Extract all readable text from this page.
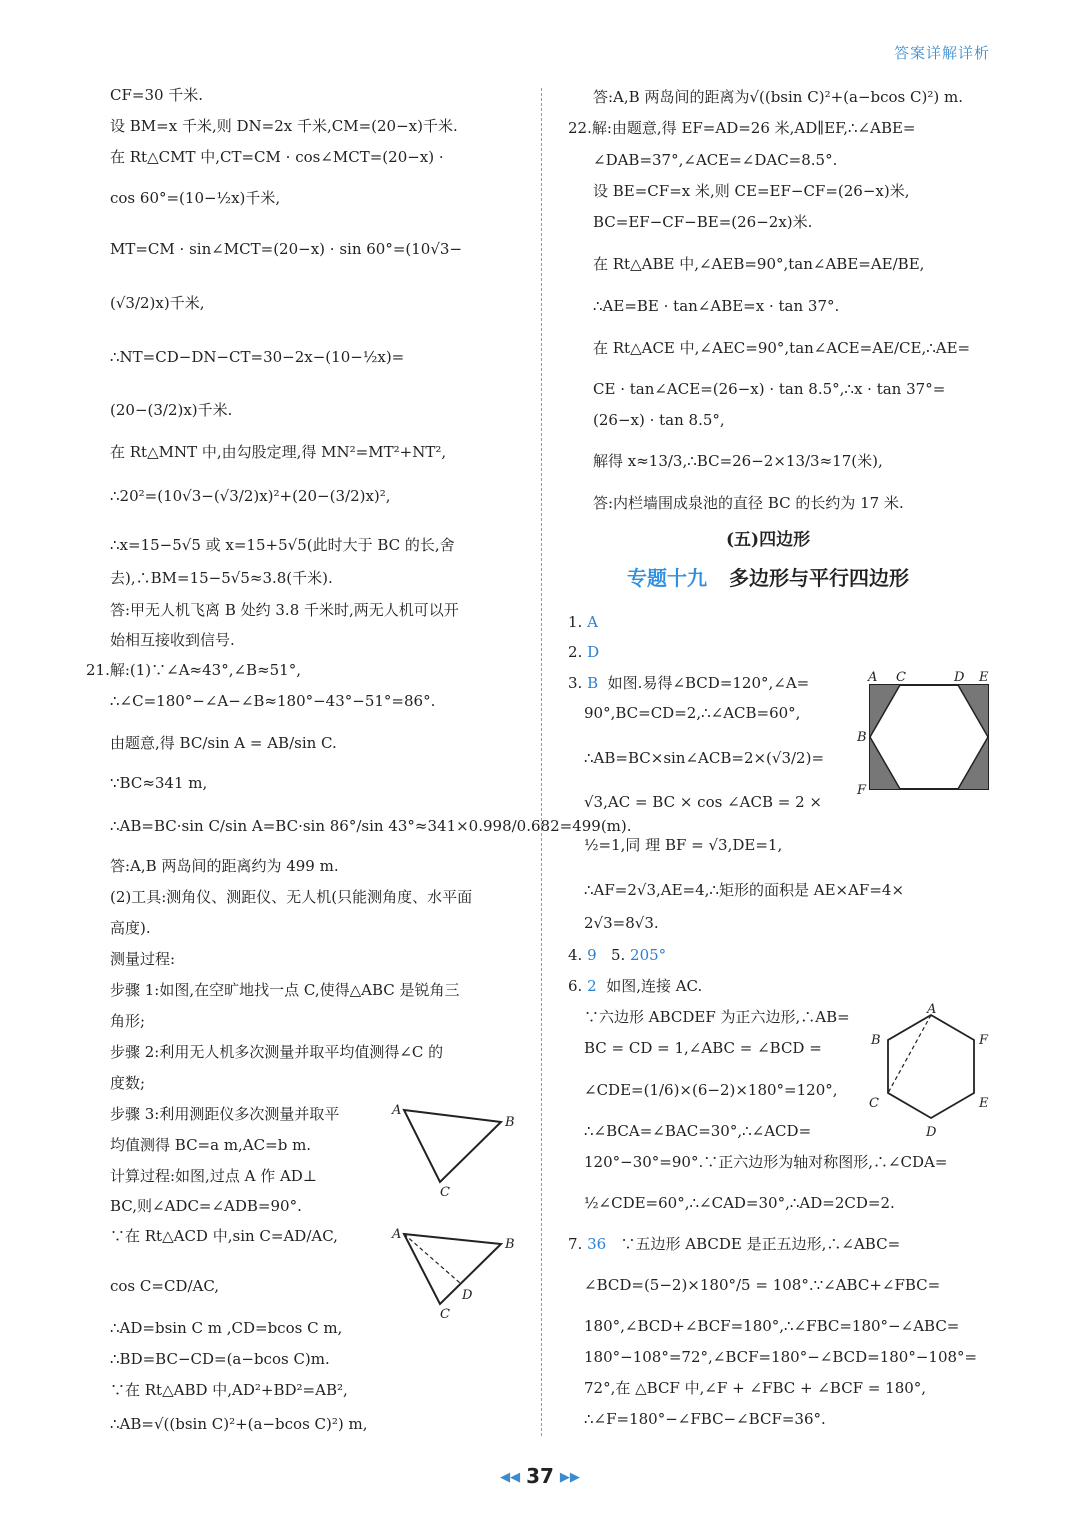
答案详解详析
CF=30 千米.
设 BM=x 千米,则 DN=2x 千米,CM=(20−x)千米.
在 Rt△CMT 中,CT=CM · cos∠MCT=(20−x) ·
cos 60°=(10−½x)千米,
MT=CM · sin∠MCT=(20−x) · sin 60°=(10√3−
(√3/2)x)千米,
∴NT=CD−DN−CT=30−2x−(10−½x)=
(20−(3/2)x)千米.
在 Rt△MNT 中,由勾股定理,得 MN²=MT²+NT²,
∴20²=(10√3−(√3/2)x)²+(20−(3/2)x)²,
∴x=15−5√5 或 x=15+5√5(此时大于 BC 的长,舍
去),∴BM=15−5√5≈3.8(千米).
答:甲无人机飞离 B 处约 3.8 千米时,两无人机可以开
始相互接收到信号.
21.解:(1)∵∠A≈43°,∠B≈51°,
∴∠C=180°−∠A−∠B≈180°−43°−51°=86°.
由题意,得 BC/sin A = AB/sin C.
∵BC≈341 m,
∴AB=BC·sin C/sin A=BC·sin 86°/sin 43°≈341×0.998/0.682=499(m).
答:A,B 两岛间的距离约为 499 m.
(2)工具:测角仪、测距仪、无人机(只能测角度、水平面
高度).
测量过程:
步骤 1:如图,在空旷地找一点 C,使得△ABC 是锐角三
角形;
步骤 2:利用无人机多次测量并取平均值测得∠C 的
度数;
步骤 3:利用测距仪多次测量并取平
均值测得 BC=a m,AC=b m.
计算过程:如图,过点 A 作 AD⊥
BC,则∠ADC=∠ADB=90°.
∵在 Rt△ACD 中,sin C=AD/AC,
cos C=CD/AC,
∴AD=bsin C m ,CD=bcos C m,
∴BD=BC−CD=(a−bcos C)m.
∵在 Rt△ABD 中,AD²+BD²=AB²,
∴AB=√((bsin C)²+(a−bcos C)²) m,
A
B
C
A
B
C
D
答:A,B 两岛间的距离为√((bsin C)²+(a−bcos C)²) m.
22.解:由题意,得 EF=AD=26 米,AD∥EF,∴∠ABE=
∠DAB=37°,∠ACE=∠DAC=8.5°.
设 BE=CF=x 米,则 CE=EF−CF=(26−x)米,
BC=EF−CF−BE=(26−2x)米.
在 Rt△ABE 中,∠AEB=90°,tan∠ABE=AE/BE,
∴AE=BE · tan∠ABE=x · tan 37°.
在 Rt△ACE 中,∠AEC=90°,tan∠ACE=AE/CE,∴AE=
CE · tan∠ACE=(26−x) · tan 8.5°,∴x · tan 37°=
(26−x) · tan 8.5°,
解得 x≈13/3,∴BC=26−2×13/3≈17(米),
答:内栏墙围成泉池的直径 BC 的长约为 17 米.
(五)四边形
专题十九 多边形与平行四边形
1. A
2. D
3. B 如图.易得∠BCD=120°,∠A=
90°,BC=CD=2,∴∠ACB=60°,
∴AB=BC×sin∠ACB=2×(√3/2)=
√3,AC = BC × cos ∠ACB = 2 ×
½=1,同 理 BF = √3,DE=1,
∴AF=2√3,AE=4,∴矩形的面积是 AE×AF=4×
2√3=8√3.
4. 9 5. 205°
6. 2 如图,连接 AC.
∵六边形 ABCDEF 为正六边形,∴AB=
BC = CD = 1,∠ABC = ∠BCD =
∠CDE=(1/6)×(6−2)×180°=120°,
∴∠BCA=∠BAC=30°,∴∠ACD=
120°−30°=90°.∵正六边形为轴对称图形,∴∠CDA=
½∠CDE=60°,∴∠CAD=30°,∴AD=2CD=2.
7. 36 ∵五边形 ABCDE 是正五边形,∴∠ABC=
∠BCD=(5−2)×180°/5 = 108°.∵∠ABC+∠FBC=
180°,∠BCD+∠BCF=180°,∴∠FBC=180°−∠ABC=
180°−108°=72°,∠BCF=180°−∠BCD=180°−108°=
72°,在 △BCF 中,∠F + ∠FBC + ∠BCF = 180°,
∴∠F=180°−∠FBC−∠BCF=36°.
A C	D E
B
F
A
F
B
C	E
D
◀◀ 37 ▶▶
